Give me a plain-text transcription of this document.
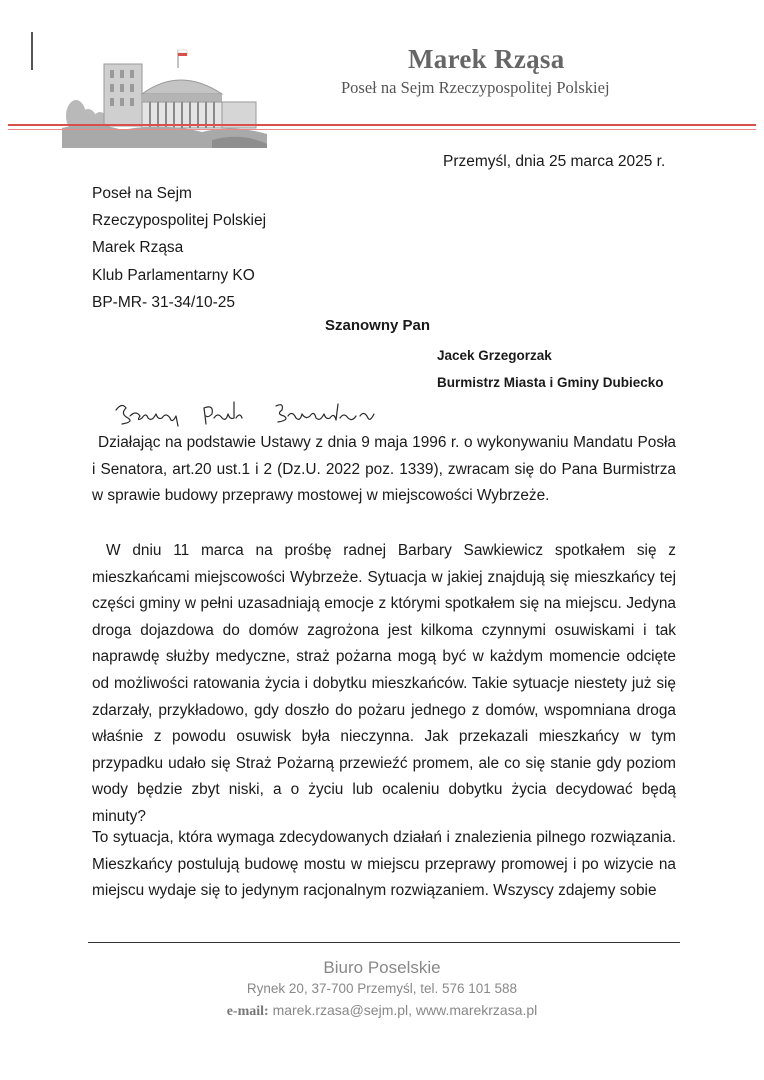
Marek Rząsa
Poseł na Sejm Rzeczypospolitej Polskiej
Przemyśl, dnia 25 marca 2025 r.
Poseł na Sejm
Rzeczypospolitej Polskiej
Marek Rząsa
Klub Parlamentarny KO
BP-MR- 31-34/10-25
Szanowny Pan
Jacek Grzegorzak
Burmistrz Miasta i Gminy Dubiecko
Działając na podstawie Ustawy z dnia 9 maja 1996 r. o wykonywaniu Mandatu Posła i Senatora, art.20 ust.1 i 2 (Dz.U. 2022 poz. 1339), zwracam się do Pana Burmistrza w sprawie budowy przeprawy mostowej w miejscowości Wybrzeże.
W dniu 11 marca na prośbę radnej Barbary Sawkiewicz spotkałem się z mieszkańcami miejscowości Wybrzeże. Sytuacja w jakiej znajdują się mieszkańcy tej części gminy w pełni uzasadniają emocje z którymi spotkałem się na miejscu. Jedyna droga dojazdowa do domów zagrożona jest kilkoma czynnymi osuwiskami i tak naprawdę służby medyczne, straż pożarna mogą być w każdym momencie odcięte od możliwości ratowania życia i dobytku mieszkańców. Takie sytuacje niestety już się zdarzały, przykładowo, gdy doszło do pożaru jednego z domów, wspomniana droga właśnie z powodu osuwisk była nieczynna. Jak przekazali mieszkańcy w tym przypadku udało się Straż Pożarną przewieźć promem, ale co się stanie gdy poziom wody będzie zbyt niski, a o życiu lub ocaleniu dobytku życia decydować będą minuty?
To sytuacja, która wymaga zdecydowanych działań i znalezienia pilnego rozwiązania. Mieszkańcy postulują budowę mostu w miejscu przeprawy promowej i po wizycie na miejscu wydaje się to jedynym racjonalnym rozwiązaniem. Wszyscy zdajemy sobie
Biuro Poselskie
Rynek 20, 37-700 Przemyśl, tel. 576 101 588
e-mail: marek.rzasa@sejm.pl, www.marekrzasa.pl
